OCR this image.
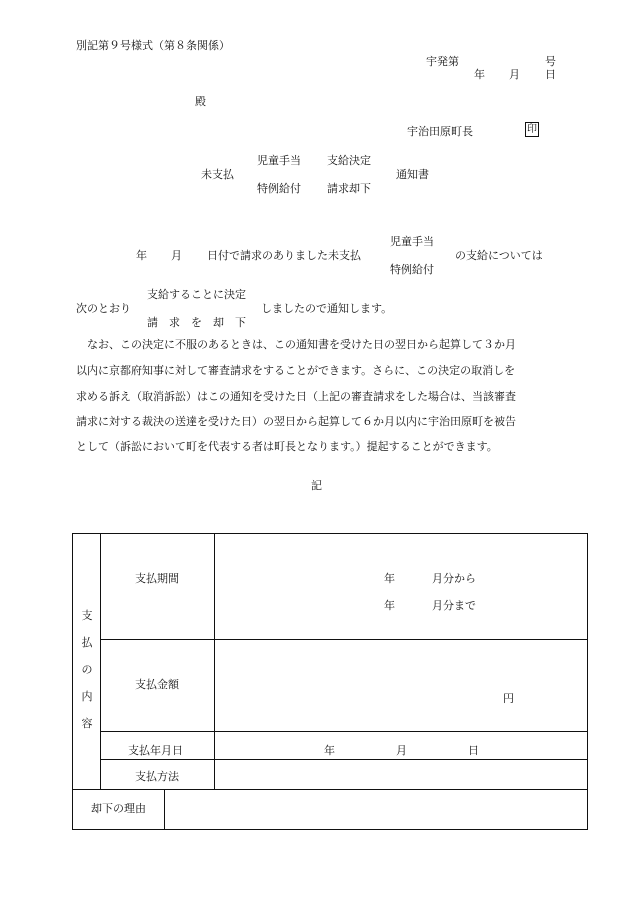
別記第９号様式（第８条関係）
宇発第	号
年 月 日
殿
宇治田原町長	印
児童手当 支給決定
未支払	通知書
特例給付 請求却下
児童手当
年 月 日付で請求のありました未支払	の支給については
特例給付
支給することに決定
次のとおり	しましたので通知します。
請　求　を　却　下
　なお、この決定に不服のあるときは、この通知書を受けた日の翌日から起算して３か月
以内に京都府知事に対して審査請求をすることができます。さらに、この決定の取消しを
求める訴え（取消訴訟）はこの通知を受けた日（上記の審査請求をした場合は、当該審査
請求に対する裁決の送達を受けた日）の翌日から起算して６か月以内に宇治田原町を被告
として（訴訟において町を代表する者は町長となります。）提起することができます。
記
支
払
の
内
容
支払期間	年	月分から
年	月分まで
支払金額
円
支払年月日	年	月	日
支払方法
却下の理由
